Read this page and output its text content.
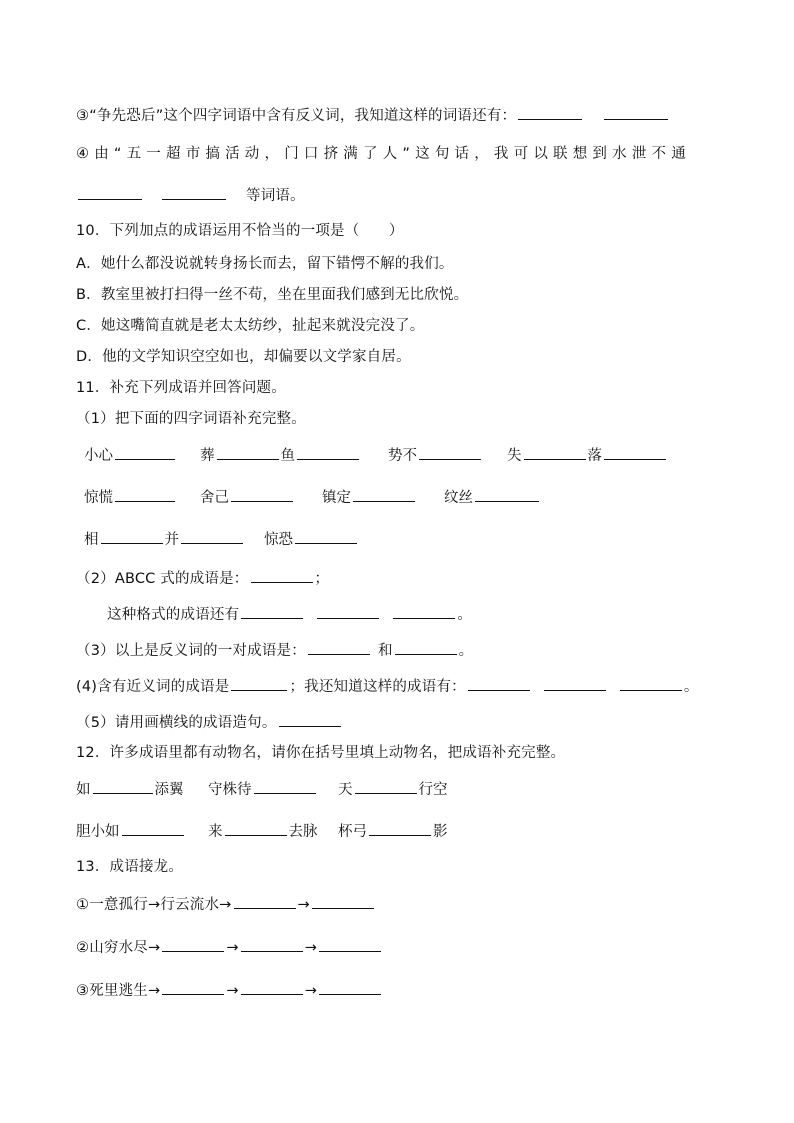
③“争先恐后”这个四字词语中含有反义词，我知道这样的词语还有：
④由“五一超市搞活动，门口挤满了人”这句话，我可以联想到水泄不通
等词语。
10．下列加点的成语运用不恰当的一项是（　　）
A．她什么都没说就转身扬长而去，留下错愕不解的我们。
B．教室里被打扫得一丝不苟，坐在里面我们感到无比欣悦。
C．她这嘴简直就是老太太纺纱，扯起来就没完没了。
D．他的文学知识空空如也，却偏要以文学家自居。
11．补充下列成语并回答问题。
（1）把下面的四字词语补充完整。
小心	葬	鱼	势不	失	落
惊慌	舍己	镇定	纹丝
相	并	惊恐
（2）ABCC 式的成语是：	；
这种格式的成语还有	。
（3）以上是反义词的一对成语是：	和	。
(4)含有近义词的成语是	；我还知道这样的成语有：	。
（5）请用画横线的成语造句。
12．许多成语里都有动物名，请你在括号里填上动物名，把成语补充完整。
如	添翼 守株待	天	行空
胆小如	来	去脉 杯弓	影
13．成语接龙。
①一意孤行→行云流水→	→
②山穷水尽→	→	→
③死里逃生→	→	→
